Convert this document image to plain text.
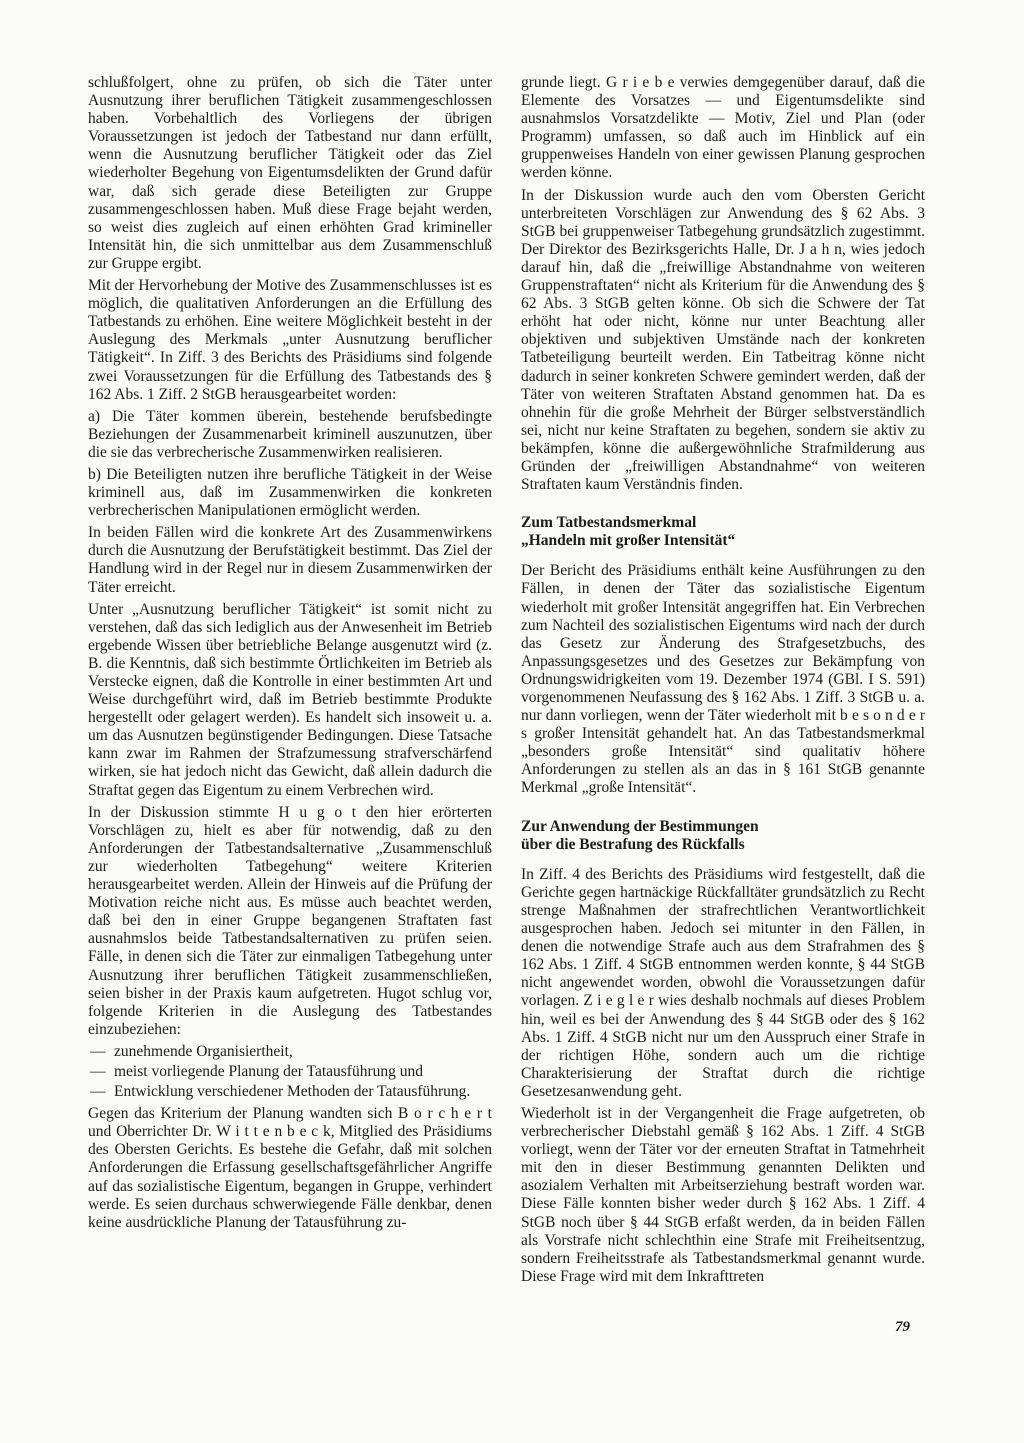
schlußfolgert, ohne zu prüfen, ob sich die Täter unter Ausnutzung ihrer beruflichen Tätigkeit zusammengeschlossen haben. Vorbehaltlich des Vorliegens der übrigen Voraussetzungen ist jedoch der Tatbestand nur dann erfüllt, wenn die Ausnutzung beruflicher Tätigkeit oder das Ziel wiederholter Begehung von Eigentumsdelikten der Grund dafür war, daß sich gerade diese Beteiligten zur Gruppe zusammengeschlossen haben. Muß diese Frage bejaht werden, so weist dies zugleich auf einen erhöhten Grad krimineller Intensität hin, die sich unmittelbar aus dem Zusammenschluß zur Gruppe ergibt.

Mit der Hervorhebung der Motive des Zusammenschlusses ist es möglich, die qualitativen Anforderungen an die Erfüllung des Tatbestands zu erhöhen. Eine weitere Möglichkeit besteht in der Auslegung des Merkmals „unter Ausnutzung beruflicher Tätigkeit“. In Ziff. 3 des Berichts des Präsidiums sind folgende zwei Voraussetzungen für die Erfüllung des Tatbestands des § 162 Abs. 1 Ziff. 2 StGB herausgearbeitet worden:

a) Die Täter kommen überein, bestehende berufsbedingte Beziehungen der Zusammenarbeit kriminell auszunutzen, über die sie das verbrecherische Zusammenwirken realisieren.

b) Die Beteiligten nutzen ihre berufliche Tätigkeit in der Weise kriminell aus, daß im Zusammenwirken die konkreten verbrecherischen Manipulationen ermöglicht werden.

In beiden Fällen wird die konkrete Art des Zusammenwirkens durch die Ausnutzung der Berufstätigkeit bestimmt. Das Ziel der Handlung wird in der Regel nur in diesem Zusammenwirken der Täter erreicht.

Unter „Ausnutzung beruflicher Tätigkeit“ ist somit nicht zu verstehen, daß das sich lediglich aus der Anwesenheit im Betrieb ergebende Wissen über betriebliche Belange ausgenutzt wird (z. B. die Kenntnis, daß sich bestimmte Örtlichkeiten im Betrieb als Verstecke eignen, daß die Kontrolle in einer bestimmten Art und Weise durchgeführt wird, daß im Betrieb bestimmte Produkte hergestellt oder gelagert werden). Es handelt sich insoweit u. a. um das Ausnutzen begünstigender Bedingungen. Diese Tatsache kann zwar im Rahmen der Strafzumessung strafverschärfend wirken, sie hat jedoch nicht das Gewicht, daß allein dadurch die Straftat gegen das Eigentum zu einem Verbrechen wird.

In der Diskussion stimmte H u g o t den hier erörterten Vorschlägen zu, hielt es aber für notwendig, daß zu den Anforderungen der Tatbestandsalternative „Zusammenschluß zur wiederholten Tatbegehung“ weitere Kriterien herausgearbeitet werden. Allein der Hinweis auf die Prüfung der Motivation reiche nicht aus. Es müsse auch beachtet werden, daß bei den in einer Gruppe begangenen Straftaten fast ausnahmslos beide Tatbestandsalternativen zu prüfen seien. Fälle, in denen sich die Täter zur einmaligen Tatbegehung unter Ausnutzung ihrer beruflichen Tätigkeit zusammenschließen, seien bisher in der Praxis kaum aufgetreten. Hugot schlug vor, folgende Kriterien in die Auslegung des Tatbestandes einzubeziehen:

— zunehmende Organisiertheit,
— meist vorliegende Planung der Tatausführung und
— Entwicklung verschiedener Methoden der Tatausführung.

Gegen das Kriterium der Planung wandten sich B o r c h e r t und Oberrichter Dr. W i t t e n b e c k, Mitglied des Präsidiums des Obersten Gerichts. Es bestehe die Gefahr, daß mit solchen Anforderungen die Erfassung gesellschaftsgefährlicher Angriffe auf das sozialistische Eigentum, begangen in Gruppe, verhindert werde. Es seien durchaus schwerwiegende Fälle denkbar, denen keine ausdrückliche Planung der Tatausführung zu-

grunde liegt. G r i e b e verwies demgegenüber darauf, daß die Elemente des Vorsatzes — und Eigentumsdelikte sind ausnahmslos Vorsatzdelikte — Motiv, Ziel und Plan (oder Programm) umfassen, so daß auch im Hinblick auf ein gruppenweises Handeln von einer gewissen Planung gesprochen werden könne.

In der Diskussion wurde auch den vom Obersten Gericht unterbreiteten Vorschlägen zur Anwendung des § 62 Abs. 3 StGB bei gruppenweiser Tatbegehung grundsätzlich zugestimmt. Der Direktor des Bezirksgerichts Halle, Dr. J a h n, wies jedoch darauf hin, daß die „freiwillige Abstandnahme von weiteren Gruppenstraftaten“ nicht als Kriterium für die Anwendung des § 62 Abs. 3 StGB gelten könne. Ob sich die Schwere der Tat erhöht hat oder nicht, könne nur unter Beachtung aller objektiven und subjektiven Umstände nach der konkreten Tatbeteiligung beurteilt werden. Ein Tatbeitrag könne nicht dadurch in seiner konkreten Schwere gemindert werden, daß der Täter von weiteren Straftaten Abstand genommen hat. Da es ohnehin für die große Mehrheit der Bürger selbstverständlich sei, nicht nur keine Straftaten zu begehen, sondern sie aktiv zu bekämpfen, könne die außergewöhnliche Strafmilderung aus Gründen der „freiwilligen Abstandnahme“ von weiteren Straftaten kaum Verständnis finden.

Zum Tatbestandsmerkmal
„Handeln mit großer Intensität“

Der Bericht des Präsidiums enthält keine Ausführungen zu den Fällen, in denen der Täter das sozialistische Eigentum wiederholt mit großer Intensität angegriffen hat. Ein Verbrechen zum Nachteil des sozialistischen Eigentums wird nach der durch das Gesetz zur Änderung des Strafgesetzbuchs, des Anpassungsgesetzes und des Gesetzes zur Bekämpfung von Ordnungswidrigkeiten vom 19. Dezember 1974 (GBl. I S. 591) vorgenommenen Neufassung des § 162 Abs. 1 Ziff. 3 StGB u. a. nur dann vorliegen, wenn der Täter wiederholt mit b e s o n d e r s großer Intensität gehandelt hat. An das Tatbestandsmerkmal „besonders große Intensität“ sind qualitativ höhere Anforderungen zu stellen als an das in § 161 StGB genannte Merkmal „große Intensität“.

Zur Anwendung der Bestimmungen
über die Bestrafung des Rückfalls

In Ziff. 4 des Berichts des Präsidiums wird festgestellt, daß die Gerichte gegen hartnäckige Rückfalltäter grundsätzlich zu Recht strenge Maßnahmen der strafrechtlichen Verantwortlichkeit ausgesprochen haben. Jedoch sei mitunter in den Fällen, in denen die notwendige Strafe auch aus dem Strafrahmen des § 162 Abs. 1 Ziff. 4 StGB entnommen werden konnte, § 44 StGB nicht angewendet worden, obwohl die Voraussetzungen dafür vorlagen. Z i e g l e r wies deshalb nochmals auf dieses Problem hin, weil es bei der Anwendung des § 44 StGB oder des § 162 Abs. 1 Ziff. 4 StGB nicht nur um den Ausspruch einer Strafe in der richtigen Höhe, sondern auch um die richtige Charakterisierung der Straftat durch die richtige Gesetzesanwendung geht.

Wiederholt ist in der Vergangenheit die Frage aufgetreten, ob verbrecherischer Diebstahl gemäß § 162 Abs. 1 Ziff. 4 StGB vorliegt, wenn der Täter vor der erneuten Straftat in Tatmehrheit mit den in dieser Bestimmung genannten Delikten und asozialem Verhalten mit Arbeitserziehung bestraft worden war. Diese Fälle konnten bisher weder durch § 162 Abs. 1 Ziff. 4 StGB noch über § 44 StGB erfaßt werden, da in beiden Fällen als Vorstrafe nicht schlechthin eine Strafe mit Freiheitsentzug, sondern Freiheitsstrafe als Tatbestandsmerkmal genannt wurde. Diese Frage wird mit dem Inkrafttreten

79
